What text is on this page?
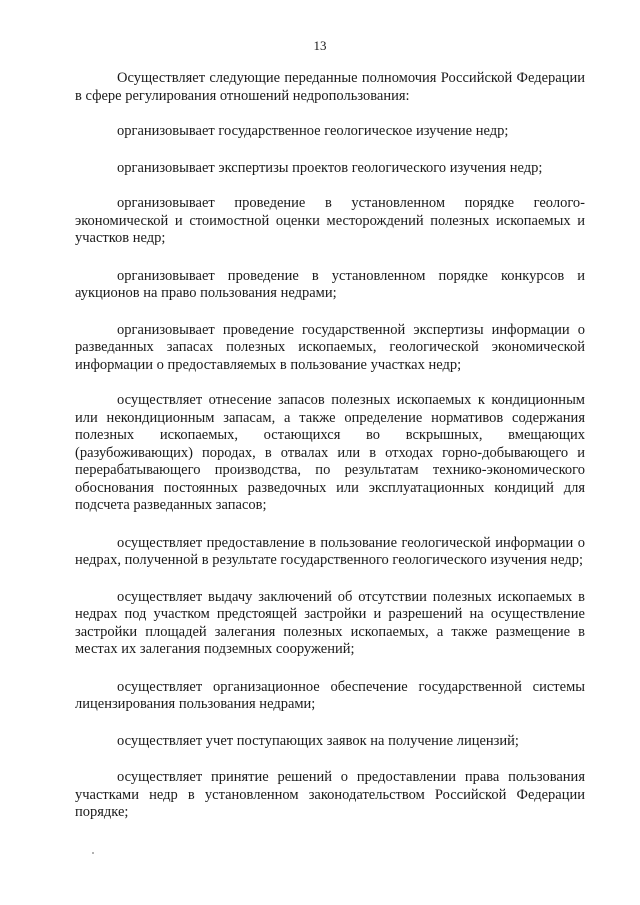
13

Осуществляет следующие переданные полномочия Российской Федерации в сфере регулирования отношений недропользования:

организовывает государственное геологическое изучение недр;

организовывает экспертизы проектов геологического изучения недр;

организовывает проведение в установленном порядке геолого-экономической и стоимостной оценки месторождений полезных ископаемых и участков недр;

организовывает проведение в установленном порядке конкурсов и аукционов на право пользования недрами;

организовывает проведение государственной экспертизы информации о разведанных запасах полезных ископаемых, геологической экономической информации о предоставляемых в пользование участках недр;

осуществляет отнесение запасов полезных ископаемых к кондиционным или некондиционным запасам, а также определение нормативов содержания полезных ископаемых, остающихся во вскрышных, вмещающих (разубоживающих) породах, в отвалах или в отходах горно-добывающего и перерабатывающего производства, по результатам технико-экономического обоснования постоянных разведочных или эксплуатационных кондиций для подсчета разведанных запасов;

осуществляет предоставление в пользование геологической информации о недрах, полученной в результате государственного геологического изучения недр;

осуществляет выдачу заключений об отсутствии полезных ископаемых в недрах под участком предстоящей застройки и разрешений на осуществление застройки площадей залегания полезных ископаемых, а также размещение в местах их залегания подземных сооружений;

осуществляет организационное обеспечение государственной системы лицензирования пользования недрами;

осуществляет учет поступающих заявок на получение лицензий;

осуществляет принятие решений о предоставлении права пользования участками недр в установленном законодательством Российской Федерации порядке;
